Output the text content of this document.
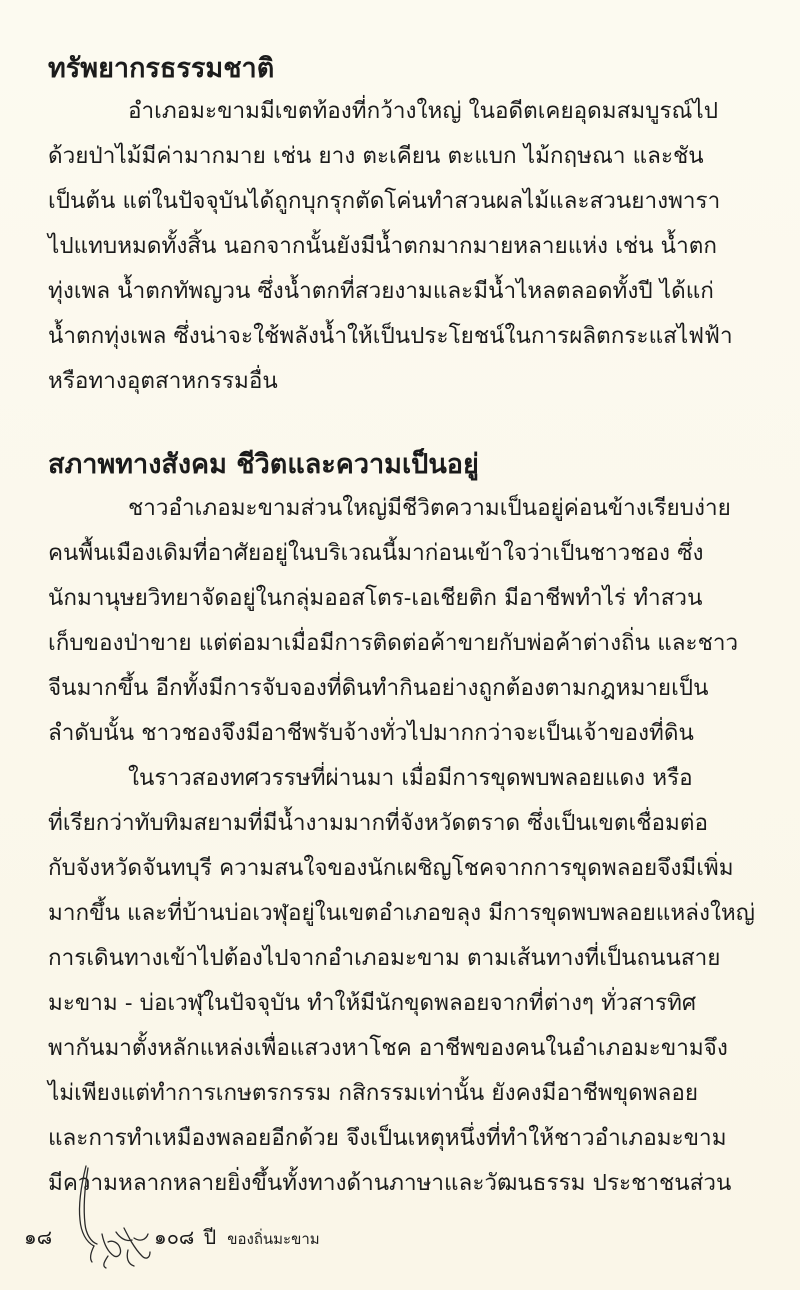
ทรัพยากรธรรมชาติ

อำเภอมะขามมีเขตท้องที่กว้างใหญ่ ในอดีตเคยอุดมสมบูรณ์ไป

ด้วยป่าไม้มีค่ามากมาย เช่น ยาง ตะเคียน ตะแบก ไม้กฤษณา และชัน

เป็นต้น แต่ในปัจจุบันได้ถูกบุกรุกตัดโค่นทำสวนผลไม้และสวนยางพารา

ไปแทบหมดทั้งสิ้น นอกจากนั้นยังมีน้ำตกมากมายหลายแห่ง เช่น น้ำตก

ทุ่งเพล น้ำตกทัพญวน ซึ่งน้ำตกที่สวยงามและมีน้ำไหลตลอดทั้งปี ได้แก่

น้ำตกทุ่งเพล ซึ่งน่าจะใช้พลังน้ำให้เป็นประโยชน์ในการผลิตกระแสไฟฟ้า

หรือทางอุตสาหกรรมอื่น

สภาพทางสังคม ชีวิตและความเป็นอยู่

ชาวอำเภอมะขามส่วนใหญ่มีชีวิตความเป็นอยู่ค่อนข้างเรียบง่าย

คนพื้นเมืองเดิมที่อาศัยอยู่ในบริเวณนี้มาก่อนเข้าใจว่าเป็นชาวชอง ซึ่ง

นักมานุษยวิทยาจัดอยู่ในกลุ่มออสโตร-เอเชียติก มีอาชีพทำไร่ ทำสวน

เก็บของป่าขาย แต่ต่อมาเมื่อมีการติดต่อค้าขายกับพ่อค้าต่างถิ่น และชาว

จีนมากขึ้น อีกทั้งมีการจับจองที่ดินทำกินอย่างถูกต้องตามกฎหมายเป็น

ลำดับนั้น ชาวชองจึงมีอาชีพรับจ้างทั่วไปมากกว่าจะเป็นเจ้าของที่ดิน

ในราวสองทศวรรษที่ผ่านมา เมื่อมีการขุดพบพลอยแดง หรือ

ที่เรียกว่าทับทิมสยามที่มีน้ำงามมากที่จังหวัดตราด ซึ่งเป็นเขตเชื่อมต่อ

กับจังหวัดจันทบุรี ความสนใจของนักเผชิญโชคจากการขุดพลอยจึงมีเพิ่ม

มากขึ้น และที่บ้านบ่อเวฬุอยู่ในเขตอำเภอขลุง มีการขุดพบพลอยแหล่งใหญ่

การเดินทางเข้าไปต้องไปจากอำเภอมะขาม ตามเส้นทางที่เป็นถนนสาย

มะขาม - บ่อเวฬุในปัจจุบัน ทำให้มีนักขุดพลอยจากที่ต่างๆ ทั่วสารทิศ

พากันมาตั้งหลักแหล่งเพื่อแสวงหาโชค อาชีพของคนในอำเภอมะขามจึง

ไม่เพียงแต่ทำการเกษตรกรรม กสิกรรมเท่านั้น ยังคงมีอาชีพขุดพลอย

และการทำเหมืองพลอยอีกด้วย จึงเป็นเหตุหนึ่งที่ทำให้ชาวอำเภอมะขาม

มีความหลากหลายยิ่งขึ้นทั้งทางด้านภาษาและวัฒนธรรม ประชาชนส่วน

๑๘	๑๐๘ ปี ของถิ่นมะขาม
